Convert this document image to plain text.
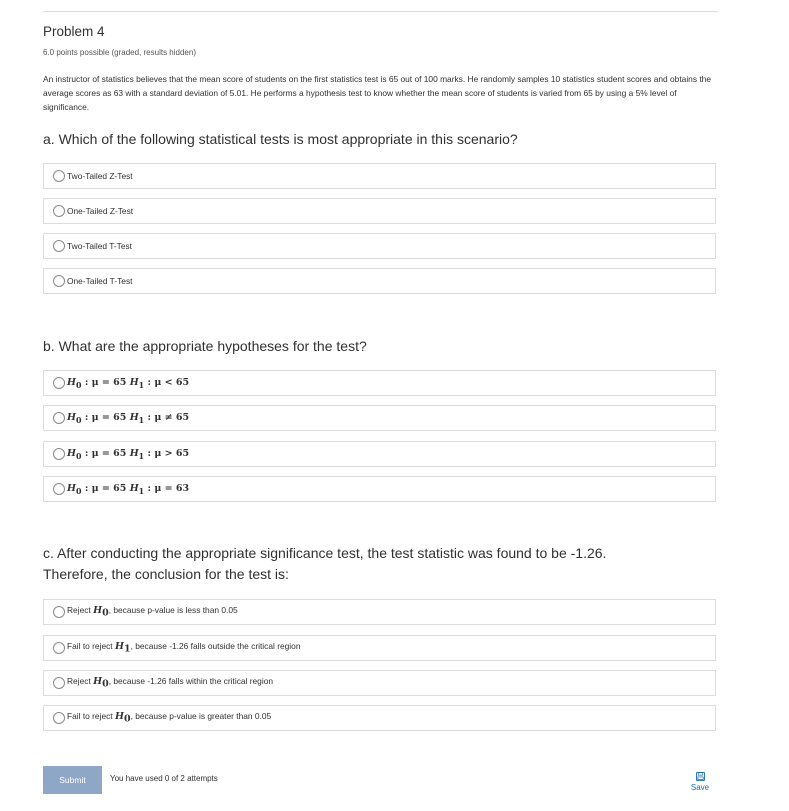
Problem 4
6.0 points possible (graded, results hidden)
An instructor of statistics believes that the mean score of students on the first statistics test is 65 out of 100 marks. He randomly samples 10 statistics student scores and obtains the average scores as 63 with a standard deviation of 5.01. He performs a hypothesis test to know whether the mean score of students is varied from 65 by using a 5% level of significance.
a. Which of the following statistical tests is most appropriate in this scenario?
Two-Tailed Z-Test
One-Tailed Z-Test
Two-Tailed T-Test
One-Tailed T-Test
b. What are the appropriate hypotheses for the test?
$H_0$ : μ = 65 $H_1$ : μ < 65
$H_0$ : μ = 65 $H_1$ : μ ≠ 65
$H_0$ : μ = 65 $H_1$ : μ > 65
$H_0$ : μ = 65 $H_1$ : μ = 63
c. After conducting the appropriate significance test, the test statistic was found to be -1.26.
Therefore, the conclusion for the test is:
Reject $H_0$, because p-value is less than 0.05
Fail to reject $H_1$, because -1.26 falls outside the critical region
Reject $H_0$, because -1.26 falls within the critical region
Fail to reject $H_0$, because p-value is greater than 0.05
Submit	You have used 0 of 2 attempts
Save
